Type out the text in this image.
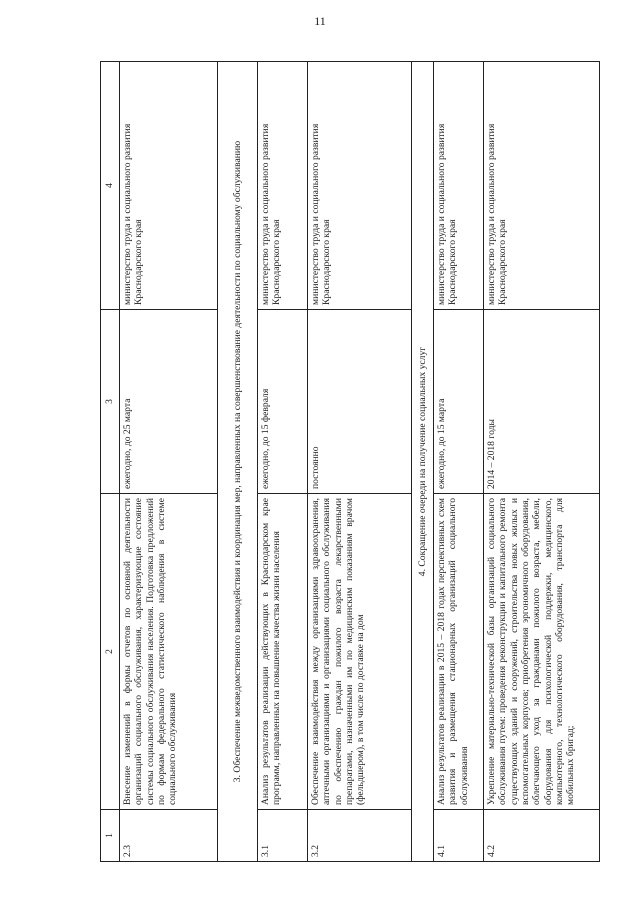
11
1	2	3	4
2.3	Внесение изменений в формы отчетов по основной деятельности организаций социального обслуживания, характеризующие состояние системы социального обслуживания населения. Подготовка предложений по формам федерального статистического наблюдения в системе социального обслуживания	ежегодно, до 25 марта	министерство труда и социального развития Краснодарского края
3. Обеспечение межведомственного взаимодействия и координация мер, направленных на совершенствование деятельности по социальному обслуживанию			
3.1	Анализ результатов реализации действующих в Краснодарском крае программ, направленных на повышение качества жизни населения	ежегодно, до 15 февраля	министерство труда и социального развития Краснодарского края
3.2	Обеспечение взаимодействия между организациями здравоохранения, аптечными организациями и организациями социального обслуживания по обеспечению граждан пожилого возраста лекарственными препаратами, назначенными им по медицинским показаниям врачом (фельдшером), в том числе по доставке на дом	постоянно	министерство труда и социального развития Краснодарского края
4. Сокращение очереди на получение социальных услуг			
4.1	Анализ результатов реализации в 2015 – 2018 годах перспективных схем развития и размещения стационарных организаций социального обслуживания	ежегодно, до 15 марта	министерство труда и социального развития Краснодарского края
4.2	Укрепление материально-технической базы организаций социального обслуживания путем: проведения реконструкции и капитального ремонта существующих зданий и сооружений, строительства новых жилых и вспомогательных корпусов; приобретения эргономичного оборудования, облегчающего уход за гражданами пожилого возраста, мебели, оборудования для психологической поддержки, медицинского, компьютерного, технологического оборудования, транспорта для мобильных бригад;	2014 – 2018 годы	министерство труда и социального развития Краснодарского края
